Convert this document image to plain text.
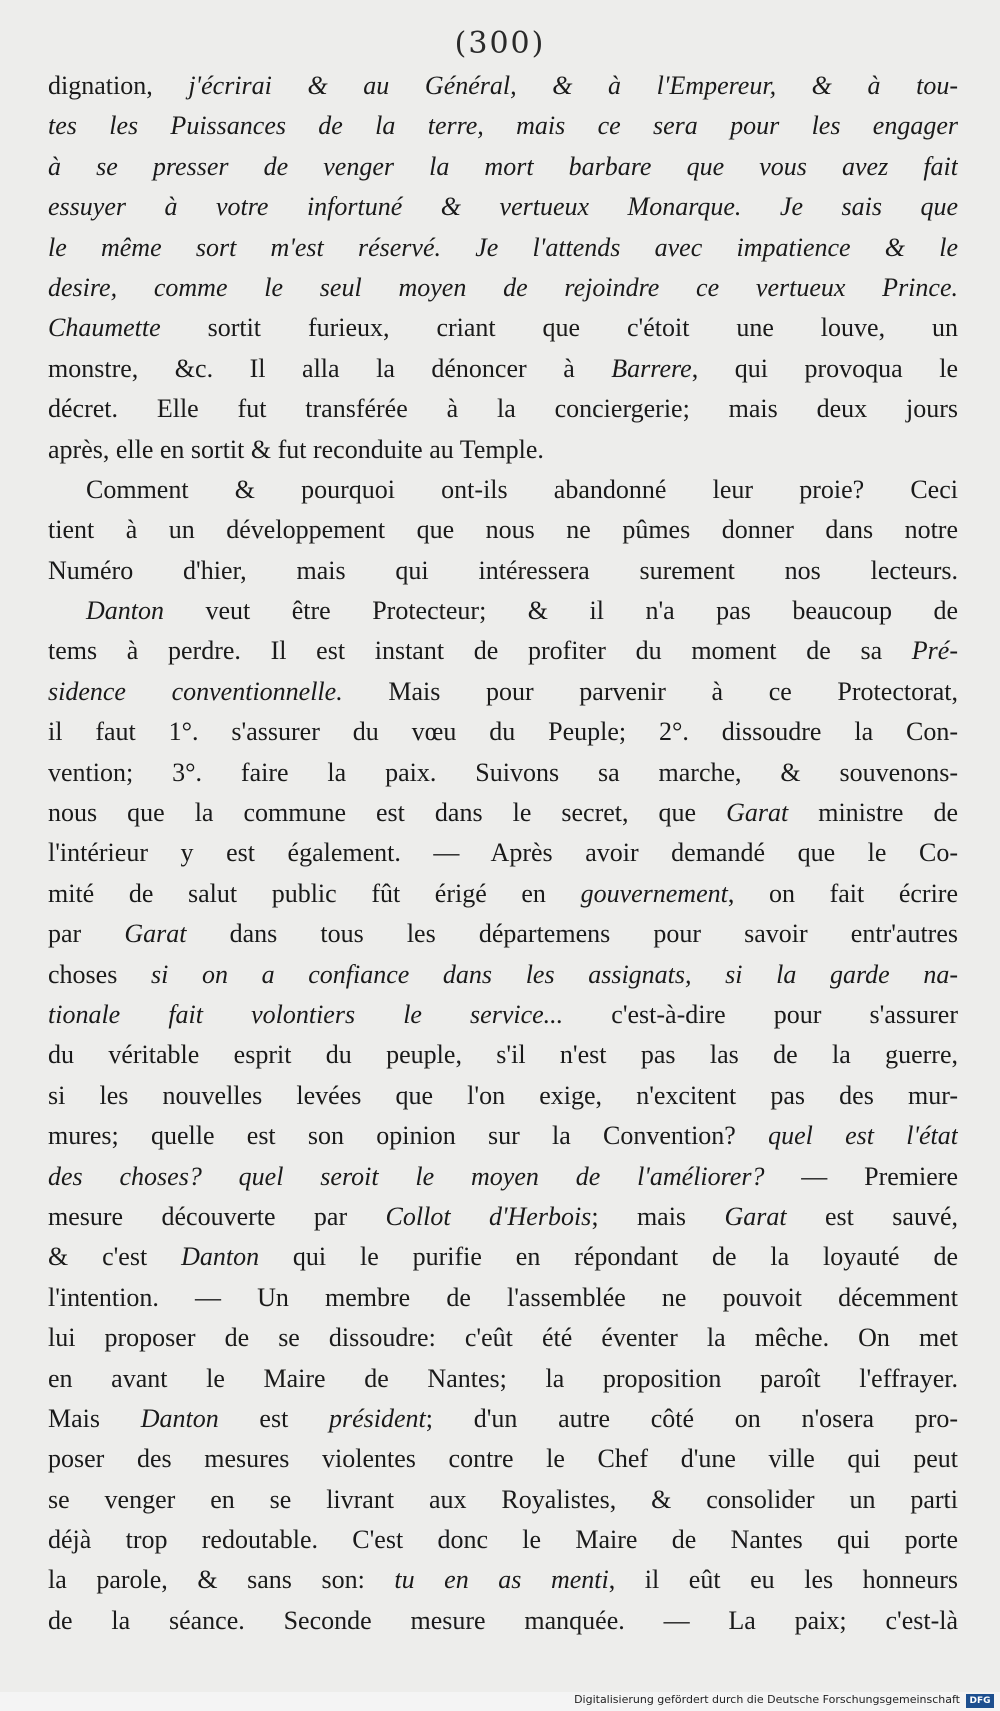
(300)
dignation, j'écrirai & au Général, & à l'Empereur, & à tou-
tes les Puissances de la terre, mais ce sera pour les engager
à se presser de venger la mort barbare que vous avez fait
essuyer à votre infortuné & vertueux Monarque. Je sais que
le même sort m'est réservé. Je l'attends avec impatience & le
desire, comme le seul moyen de rejoindre ce vertueux Prince.
Chaumette sortit furieux, criant que c'étoit une louve, un
monstre, &c. Il alla la dénoncer à Barrere, qui provoqua le
décret. Elle fut transférée à la conciergerie; mais deux jours
après, elle en sortit & fut reconduite au Temple.
Comment & pourquoi ont-ils abandonné leur proie? Ceci
tient à un développement que nous ne pûmes donner dans notre
Numéro d'hier, mais qui intéressera surement nos lecteurs.
Danton veut être Protecteur; & il n'a pas beaucoup de
tems à perdre. Il est instant de profiter du moment de sa Pré-
sidence conventionnelle. Mais pour parvenir à ce Protectorat,
il faut 1°. s'assurer du vœu du Peuple; 2°. dissoudre la Con-
vention; 3°. faire la paix. Suivons sa marche, & souvenons-
nous que la commune est dans le secret, que Garat ministre de
l'intérieur y est également. — Après avoir demandé que le Co-
mité de salut public fût érigé en gouvernement, on fait écrire
par Garat dans tous les départemens pour savoir entr'autres
choses si on a confiance dans les assignats, si la garde na-
tionale fait volontiers le service... c'est-à-dire pour s'assurer
du véritable esprit du peuple, s'il n'est pas las de la guerre,
si les nouvelles levées que l'on exige, n'excitent pas des mur-
mures; quelle est son opinion sur la Convention? quel est l'état
des choses? quel seroit le moyen de l'améliorer? — Premiere
mesure découverte par Collot d'Herbois; mais Garat est sauvé,
& c'est Danton qui le purifie en répondant de la loyauté de
l'intention. — Un membre de l'assemblée ne pouvoit décemment
lui proposer de se dissoudre: c'eût été éventer la mêche. On met
en avant le Maire de Nantes; la proposition paroît l'effrayer.
Mais Danton est président; d'un autre côté on n'osera pro-
poser des mesures violentes contre le Chef d'une ville qui peut
se venger en se livrant aux Royalistes, & consolider un parti
déjà trop redoutable. C'est donc le Maire de Nantes qui porte
la parole, & sans son: tu en as menti, il eût eu les honneurs
de la séance. Seconde mesure manquée. — La paix; c'est-là
Digitalisierung gefördert durch die Deutsche Forschungsgemeinschaft	DFG
